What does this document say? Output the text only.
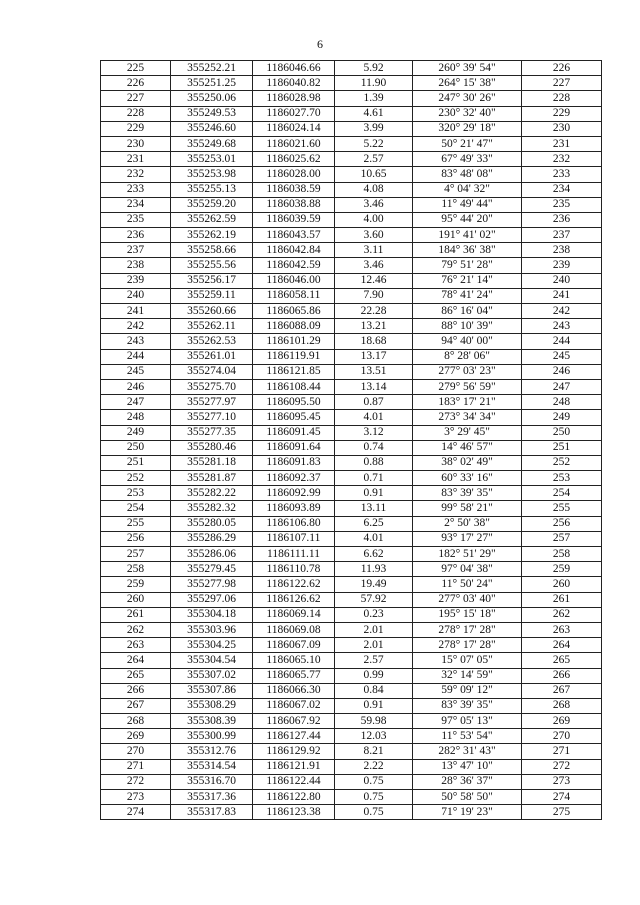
6
225	355252.21	1186046.66	5.92	260° 39' 54"	226
226	355251.25	1186040.82	11.90	264° 15' 38"	227
227	355250.06	1186028.98	1.39	247° 30' 26"	228
228	355249.53	1186027.70	4.61	230° 32' 40"	229
229	355246.60	1186024.14	3.99	320° 29' 18"	230
230	355249.68	1186021.60	5.22	50° 21' 47"	231
231	355253.01	1186025.62	2.57	67° 49' 33"	232
232	355253.98	1186028.00	10.65	83° 48' 08"	233
233	355255.13	1186038.59	4.08	4° 04' 32"	234
234	355259.20	1186038.88	3.46	11° 49' 44"	235
235	355262.59	1186039.59	4.00	95° 44' 20"	236
236	355262.19	1186043.57	3.60	191° 41' 02"	237
237	355258.66	1186042.84	3.11	184° 36' 38"	238
238	355255.56	1186042.59	3.46	79° 51' 28"	239
239	355256.17	1186046.00	12.46	76° 21' 14"	240
240	355259.11	1186058.11	7.90	78° 41' 24"	241
241	355260.66	1186065.86	22.28	86° 16' 04"	242
242	355262.11	1186088.09	13.21	88° 10' 39"	243
243	355262.53	1186101.29	18.68	94° 40' 00"	244
244	355261.01	1186119.91	13.17	8° 28' 06"	245
245	355274.04	1186121.85	13.51	277° 03' 23"	246
246	355275.70	1186108.44	13.14	279° 56' 59"	247
247	355277.97	1186095.50	0.87	183° 17' 21"	248
248	355277.10	1186095.45	4.01	273° 34' 34"	249
249	355277.35	1186091.45	3.12	3° 29' 45"	250
250	355280.46	1186091.64	0.74	14° 46' 57"	251
251	355281.18	1186091.83	0.88	38° 02' 49"	252
252	355281.87	1186092.37	0.71	60° 33' 16"	253
253	355282.22	1186092.99	0.91	83° 39' 35"	254
254	355282.32	1186093.89	13.11	99° 58' 21"	255
255	355280.05	1186106.80	6.25	2° 50' 38"	256
256	355286.29	1186107.11	4.01	93° 17' 27"	257
257	355286.06	1186111.11	6.62	182° 51' 29"	258
258	355279.45	1186110.78	11.93	97° 04' 38"	259
259	355277.98	1186122.62	19.49	11° 50' 24"	260
260	355297.06	1186126.62	57.92	277° 03' 40"	261
261	355304.18	1186069.14	0.23	195° 15' 18"	262
262	355303.96	1186069.08	2.01	278° 17' 28"	263
263	355304.25	1186067.09	2.01	278° 17' 28"	264
264	355304.54	1186065.10	2.57	15° 07' 05"	265
265	355307.02	1186065.77	0.99	32° 14' 59"	266
266	355307.86	1186066.30	0.84	59° 09' 12"	267
267	355308.29	1186067.02	0.91	83° 39' 35"	268
268	355308.39	1186067.92	59.98	97° 05' 13"	269
269	355300.99	1186127.44	12.03	11° 53' 54"	270
270	355312.76	1186129.92	8.21	282° 31' 43"	271
271	355314.54	1186121.91	2.22	13° 47' 10"	272
272	355316.70	1186122.44	0.75	28° 36' 37"	273
273	355317.36	1186122.80	0.75	50° 58' 50"	274
274	355317.83	1186123.38	0.75	71° 19' 23"	275
